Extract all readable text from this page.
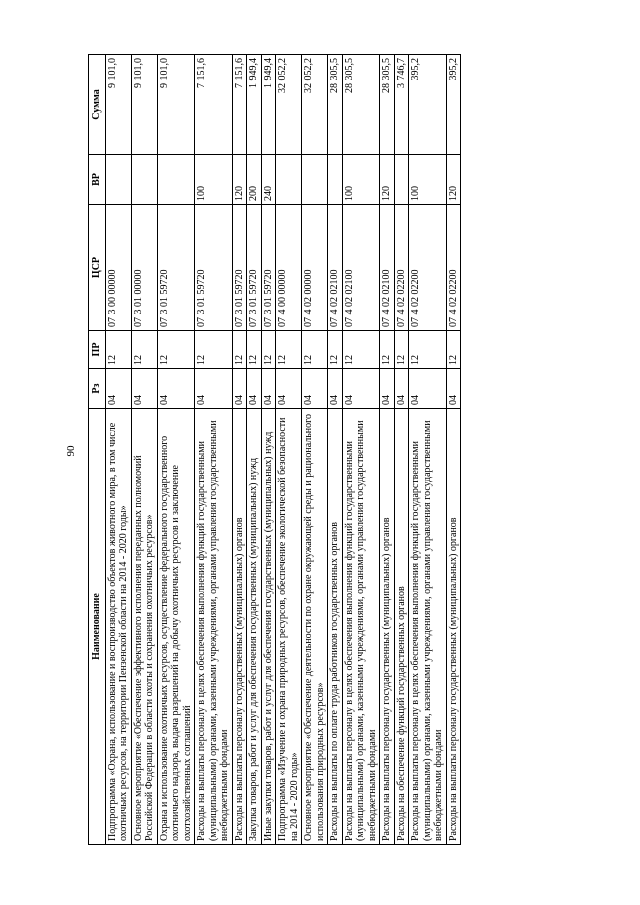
90
Наименование	Рз	ПР	ЦСР	ВР	Сумма
Подпрограмма «Охрана, использование и воспроизводство объектов животного мира, в том числе охотничьих ресурсов, на территории Пензенской области на 2014 - 2020 годы»	04	12	07 3 00 00000		9 101,0
Основное мероприятие «Обеспечение эффективного исполнения переданных полномочий Российской Федерации в области охоты и сохранения охотничьих ресурсов»	04	12	07 3 01 00000		9 101,0
Охрана и использование охотничьих ресурсов, осуществление федерального государственного охотничьего надзора, выдача разрешений на добычу охотничьих ресурсов и заключение охотхозяйственных соглашений	04	12	07 3 01 59720		9 101,0
Расходы на выплаты персоналу в целях обеспечения выполнения функций государственными (муниципальными) органами, казенными учреждениями, органами управления государственными внебюджетными фондами	04	12	07 3 01 59720	100	7 151,6
Расходы на выплаты персоналу государственных (муниципальных) органов	04	12	07 3 01 59720	120	7 151,6
Закупка товаров, работ и услуг для обеспечения государственных (муниципальных) нужд	04	12	07 3 01 59720	200	1 949,4
Иные закупки товаров, работ и услуг для обеспечения государственных (муниципальных) нужд	04	12	07 3 01 59720	240	1 949,4
Подпрограмма «Изучение и охрана природных ресурсов, обеспечение экологической безопасности на 2014 - 2020 годы»	04	12	07 4 00 00000		32 052,2
Основное мероприятие «Обеспечение деятельности по охране окружающей среды и рационального использования природных ресурсов»	04	12	07 4 02 00000		32 052,2
Расходы на выплаты по оплате труда работников государственных органов	04	12	07 4 02 02100		28 305,5
Расходы на выплаты персоналу в целях обеспечения выполнения функций государственными (муниципальными) органами, казенными учреждениями, органами управления государственными внебюджетными фондами	04	12	07 4 02 02100	100	28 305,5
Расходы на выплаты персоналу государственных (муниципальных) органов	04	12	07 4 02 02100	120	28 305,5
Расходы на обеспечение функций государственных органов	04	12	07 4 02 02200		3 746,7
Расходы на выплаты персоналу в целях обеспечения выполнения функций государственными (муниципальными) органами, казенными учреждениями, органами управления государственными внебюджетными фондами	04	12	07 4 02 02200	100	395,2
Расходы на выплаты персоналу государственных (муниципальных) органов	04	12	07 4 02 02200	120	395,2
